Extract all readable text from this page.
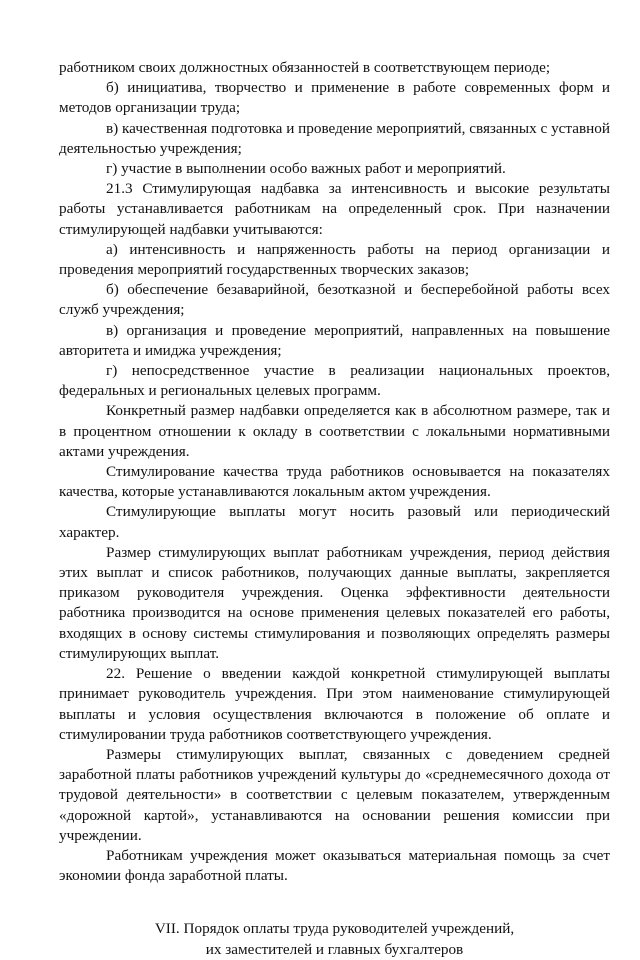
работником своих должностных обязанностей в соответствующем периоде;

б) инициатива, творчество и применение в работе современных форм и методов организации труда;

в) качественная подготовка и проведение мероприятий, связанных с уставной деятельностью учреждения;

г) участие в выполнении особо важных работ и мероприятий.

21.3 Стимулирующая надбавка за интенсивность и высокие результаты работы устанавливается работникам на определенный срок. При назначении стимулирующей надбавки учитываются:

а) интенсивность и напряженность работы на период организации и проведения мероприятий государственных творческих заказов;

б) обеспечение безаварийной, безотказной и бесперебойной работы всех служб учреждения;

в) организация и проведение мероприятий, направленных на повышение авторитета и имиджа учреждения;

г) непосредственное участие в реализации национальных проектов, федеральных и региональных целевых программ.

Конкретный размер надбавки определяется как в абсолютном размере, так и в процентном отношении к окладу в соответствии с локальными нормативными актами учреждения.

Стимулирование качества труда работников основывается на показателях качества, которые устанавливаются локальным актом учреждения.

Стимулирующие выплаты могут носить разовый или периодический характер.

Размер стимулирующих выплат работникам учреждения, период действия этих выплат и список работников, получающих данные выплаты, закрепляется приказом руководителя учреждения. Оценка эффективности деятельности работника производится на основе применения целевых показателей его работы, входящих в основу системы стимулирования и позволяющих определять размеры стимулирующих выплат.

22. Решение о введении каждой конкретной стимулирующей выплаты принимает руководитель учреждения. При этом наименование стимулирующей выплаты и условия осуществления включаются в положение об оплате и стимулировании труда работников соответствующего учреждения.

Размеры стимулирующих выплат, связанных с доведением средней заработной платы работников учреждений культуры до «среднемесячного дохода от трудовой деятельности» в соответствии с целевым показателем, утвержденным «дорожной картой», устанавливаются на основании решения комиссии при учреждении.

Работникам учреждения может оказываться материальная помощь за счет экономии фонда заработной платы.

VII. Порядок оплаты труда руководителей учреждений,
их заместителей и главных бухгалтеров
